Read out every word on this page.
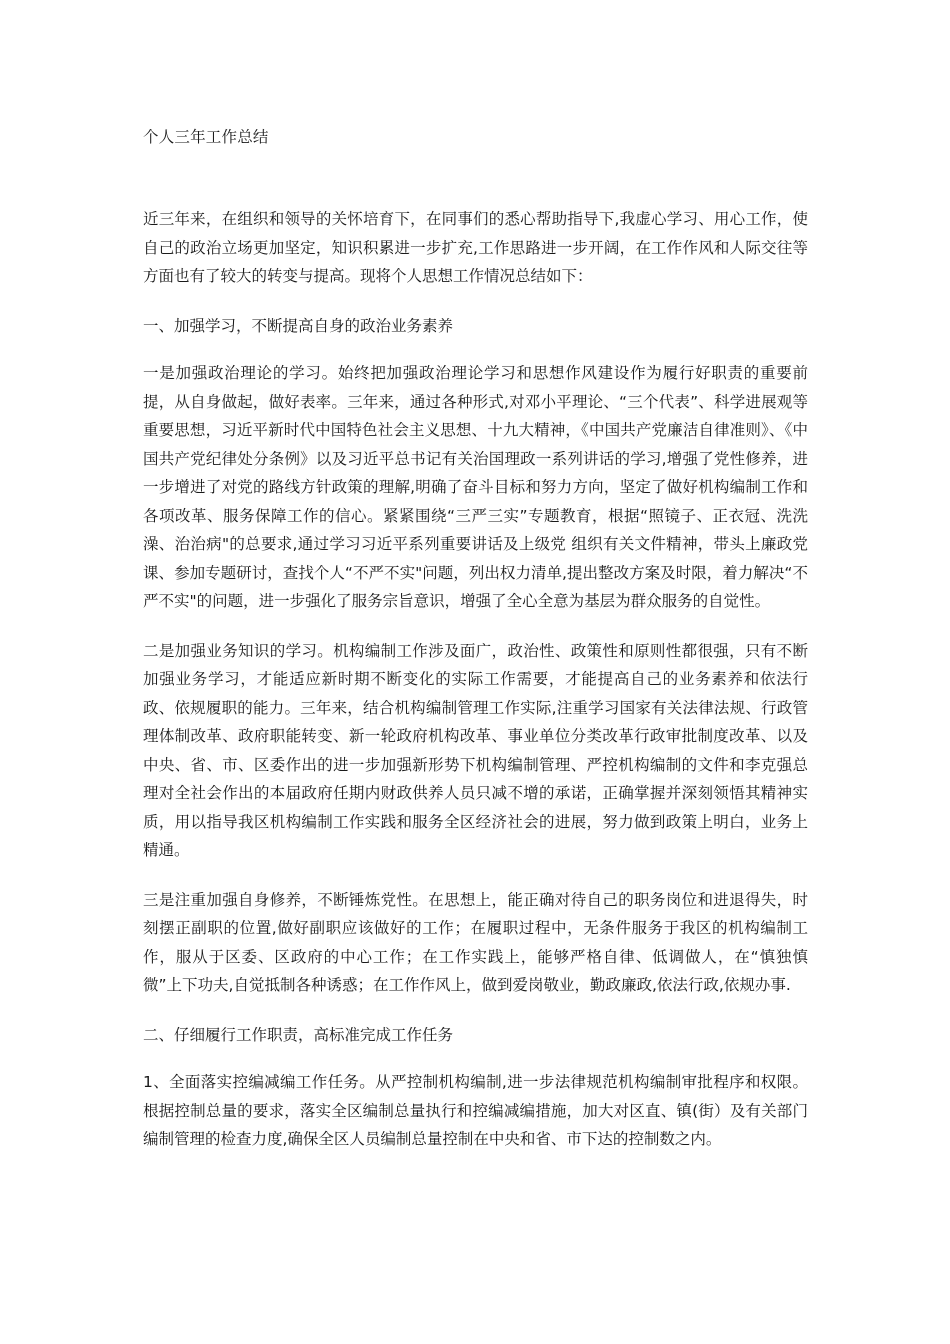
个人三年工作总结

近三年来，在组织和领导的关怀培育下，在同事们的悉心帮助指导下,我虚心学习、用心工作，使自己的政治立场更加坚定，知识积累进一步扩充,工作思路进一步开阔，在工作作风和人际交往等方面也有了较大的转变与提高。现将个人思想工作情况总结如下：

一、加强学习，不断提高自身的政治业务素养

一是加强政治理论的学习。始终把加强政治理论学习和思想作风建设作为履行好职责的重要前提，从自身做起，做好表率。三年来，通过各种形式,对邓小平理论、“三个代表”、科学进展观等重要思想，习近平新时代中国特色社会主义思想、十九大精神，《中国共产党廉洁自律准则》、《中国共产党纪律处分条例》以及习近平总书记有关治国理政一系列讲话的学习,增强了党性修养，进一步增进了对党的路线方针政策的理解,明确了奋斗目标和努力方向，坚定了做好机构编制工作和各项改革、服务保障工作的信心。紧紧围绕“三严三实”专题教育，根据“照镜子、正衣冠、洗洗澡、治治病"的总要求,通过学习习近平系列重要讲话及上级党 组织有关文件精神，带头上廉政党课、参加专题研讨，查找个人“不严不实"问题，列出权力清单,提出整改方案及时限，着力解决“不严不实"的问题，进一步强化了服务宗旨意识，增强了全心全意为基层为群众服务的自觉性。

二是加强业务知识的学习。机构编制工作涉及面广，政治性、政策性和原则性都很强，只有不断加强业务学习，才能适应新时期不断变化的实际工作需要，才能提高自己的业务素养和依法行政、依规履职的能力。三年来，结合机构编制管理工作实际,注重学习国家有关法律法规、行政管理体制改革、政府职能转变、新一轮政府机构改革、事业单位分类改革行政审批制度改革、以及中央、省、市、区委作出的进一步加强新形势下机构编制管理、严控机构编制的文件和李克强总理对全社会作出的本届政府任期内财政供养人员只减不增的承诺，正确掌握并深刻领悟其精神实质，用以指导我区机构编制工作实践和服务全区经济社会的进展，努力做到政策上明白，业务上精通。

三是注重加强自身修养，不断锤炼党性。在思想上，能正确对待自己的职务岗位和进退得失，时刻摆正副职的位置,做好副职应该做好的工作；在履职过程中，无条件服务于我区的机构编制工作，服从于区委、区政府的中心工作；在工作实践上，能够严格自律、低调做人，在“慎独慎微”上下功夫,自觉抵制各种诱惑；在工作作风上，做到爱岗敬业，勤政廉政,依法行政,依规办事.

二、仔细履行工作职责，高标准完成工作任务

1、全面落实控编减编工作任务。从严控制机构编制,进一步法律规范机构编制审批程序和权限。根据控制总量的要求，落实全区编制总量执行和控编减编措施，加大对区直、镇(街）及有关部门编制管理的检查力度,确保全区人员编制总量控制在中央和省、市下达的控制数之内。
